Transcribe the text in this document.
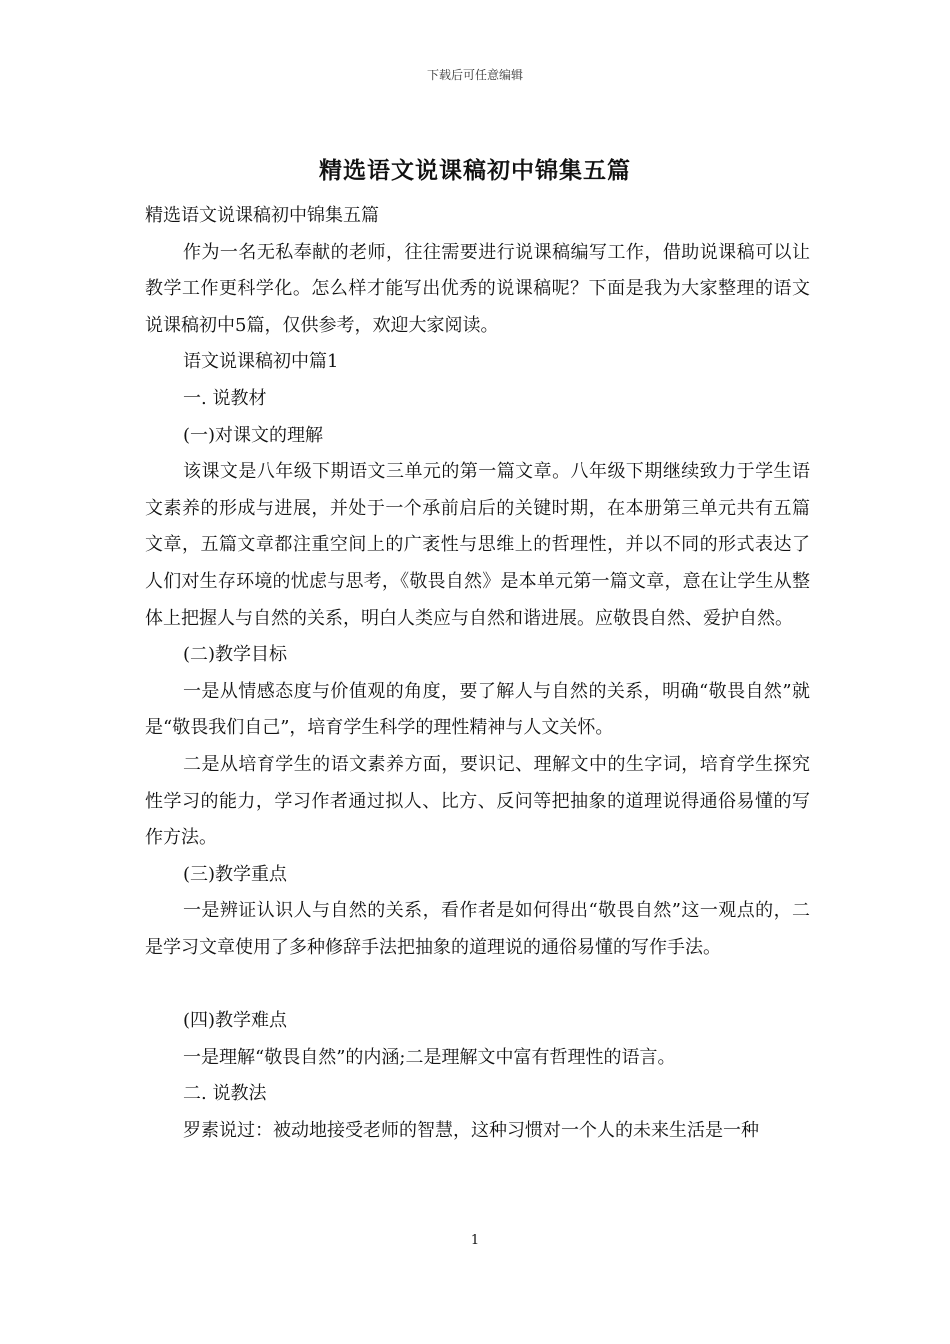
下载后可任意编辑
精选语文说课稿初中锦集五篇

精选语文说课稿初中锦集五篇

作为一名无私奉献的老师，往往需要进行说课稿编写工作，借助说课稿可以让教学工作更科学化。怎么样才能写出优秀的说课稿呢？下面是我为大家整理的语文说课稿初中5篇，仅供参考，欢迎大家阅读。

语文说课稿初中篇1

一. 说教材

(一)对课文的理解

该课文是八年级下期语文三单元的第一篇文章。八年级下期继续致力于学生语文素养的形成与进展，并处于一个承前启后的关键时期，在本册第三单元共有五篇文章，五篇文章都注重空间上的广袤性与思维上的哲理性，并以不同的形式表达了人们对生存环境的忧虑与思考，《敬畏自然》是本单元第一篇文章，意在让学生从整体上把握人与自然的关系，明白人类应与自然和谐进展。应敬畏自然、爱护自然。

(二)教学目标

一是从情感态度与价值观的角度，要了解人与自然的关系，明确“敬畏自然”就是“敬畏我们自己”，培育学生科学的理性精神与人文关怀。

二是从培育学生的语文素养方面，要识记、理解文中的生字词，培育学生探究性学习的能力，学习作者通过拟人、比方、反问等把抽象的道理说得通俗易懂的写作方法。

(三)教学重点

一是辨证认识人与自然的关系，看作者是如何得出“敬畏自然”这一观点的，二是学习文章使用了多种修辞手法把抽象的道理说的通俗易懂的写作手法。

(四)教学难点

一是理解“敬畏自然”的内涵;二是理解文中富有哲理性的语言。

二. 说教法

罗素说过：被动地接受老师的智慧，这种习惯对一个人的未来生活是一种

1
